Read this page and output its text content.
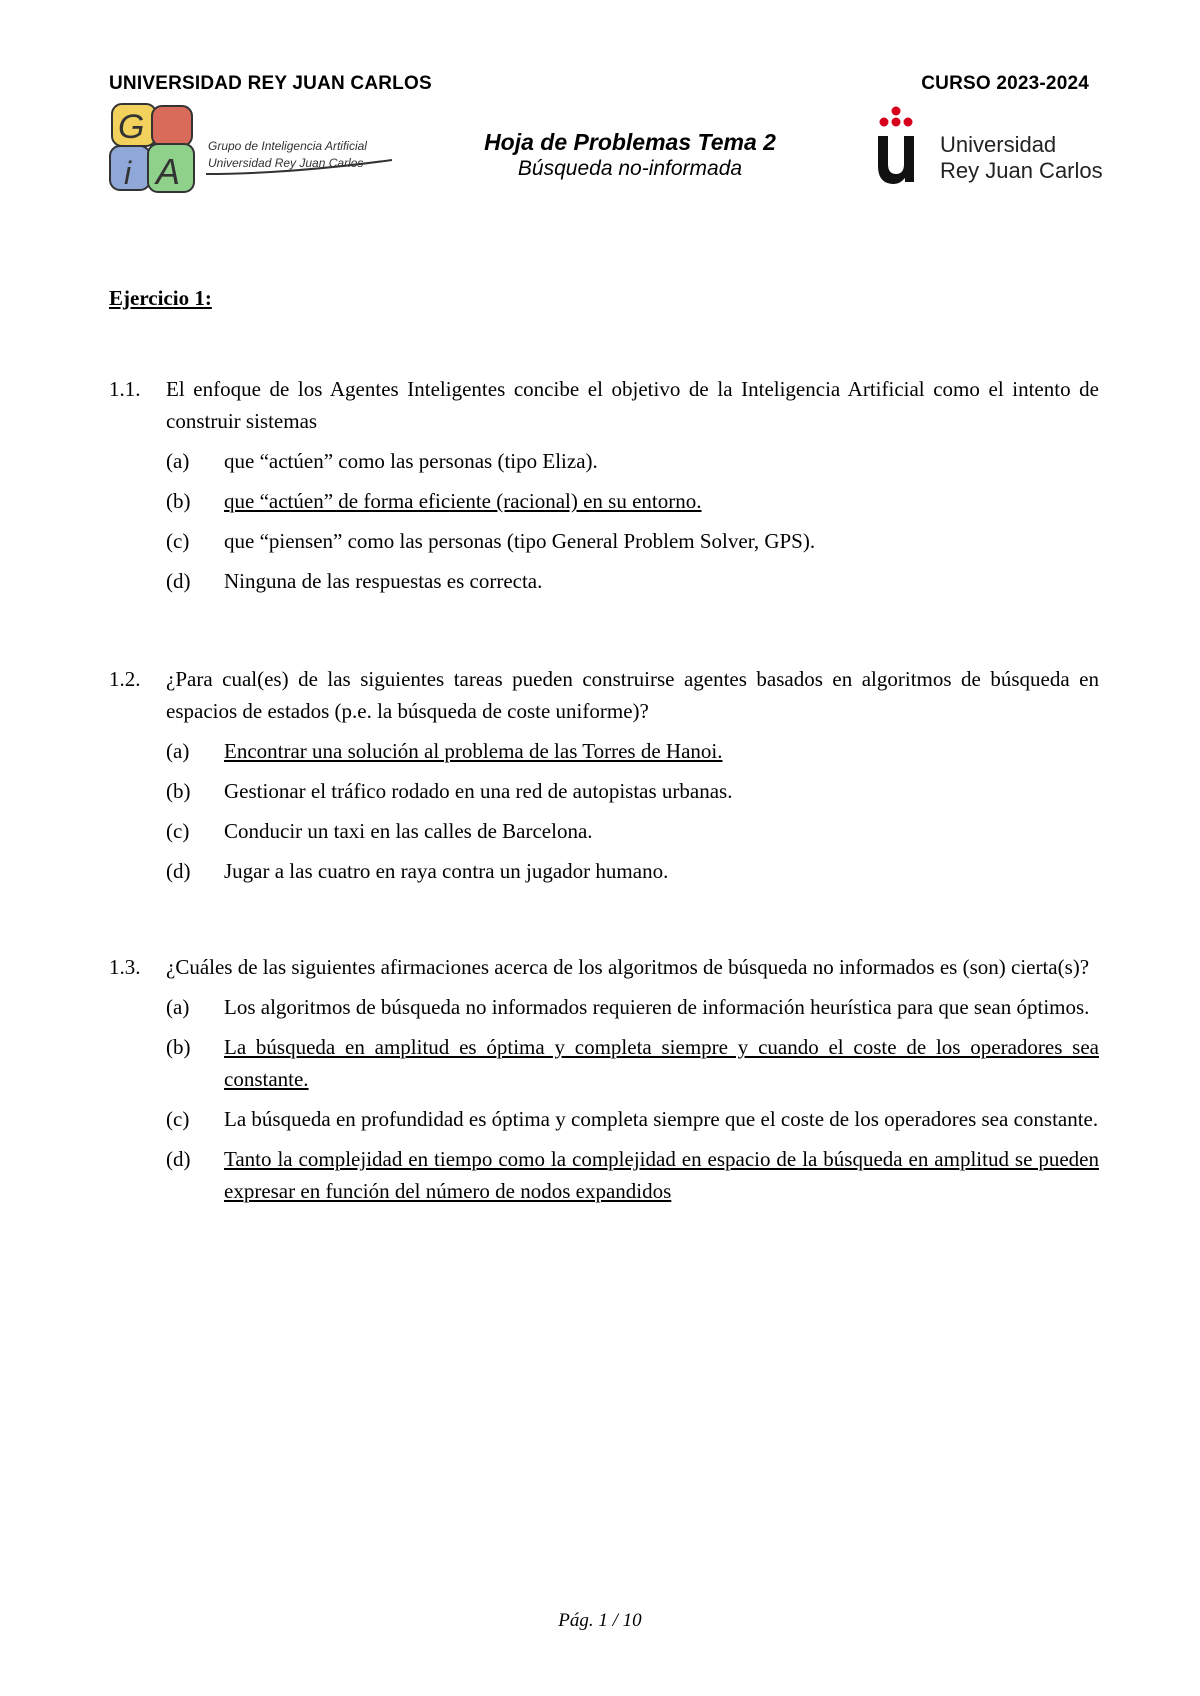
UNIVERSIDAD REY JUAN CARLOS	CURSO 2023-2024
G
i A
Grupo de Inteligencia Artificial
Universidad Rey Juan Carlos
Hoja de Problemas Tema 2
Búsqueda no-informada
Universidad
Rey Juan Carlos
Ejercicio 1:
1.1.	El enfoque de los Agentes Inteligentes concibe el objetivo de la Inteligencia Artificial como el intento de construir sistemas
(a)	que “actúen” como las personas (tipo Eliza).
(b)	que “actúen” de forma eficiente (racional) en su entorno.
(c)	que “piensen” como las personas (tipo General Problem Solver, GPS).
(d)	Ninguna de las respuestas es correcta.
1.2.	¿Para cual(es) de las siguientes tareas pueden construirse agentes basados en algoritmos de búsqueda en espacios de estados (p.e. la búsqueda de coste uniforme)?
(a)	Encontrar una solución al problema de las Torres de Hanoi.
(b)	Gestionar el tráfico rodado en una red de autopistas urbanas.
(c)	Conducir un taxi en las calles de Barcelona.
(d)	Jugar a las cuatro en raya contra un jugador humano.
1.3.	¿Cuáles de las siguientes afirmaciones acerca de los algoritmos de búsqueda no informados es (son) cierta(s)?
(a)	Los algoritmos de búsqueda no informados requieren de información heurística para que sean óptimos.
(b)	La búsqueda en amplitud es óptima y completa siempre y cuando el coste de los operadores sea constante.
(c)	La búsqueda en profundidad es óptima y completa siempre que el coste de los operadores sea constante.
(d)	Tanto la complejidad en tiempo como la complejidad en espacio de la búsqueda en amplitud se pueden expresar en función del número de nodos expandidos
Pág. 1 / 10
